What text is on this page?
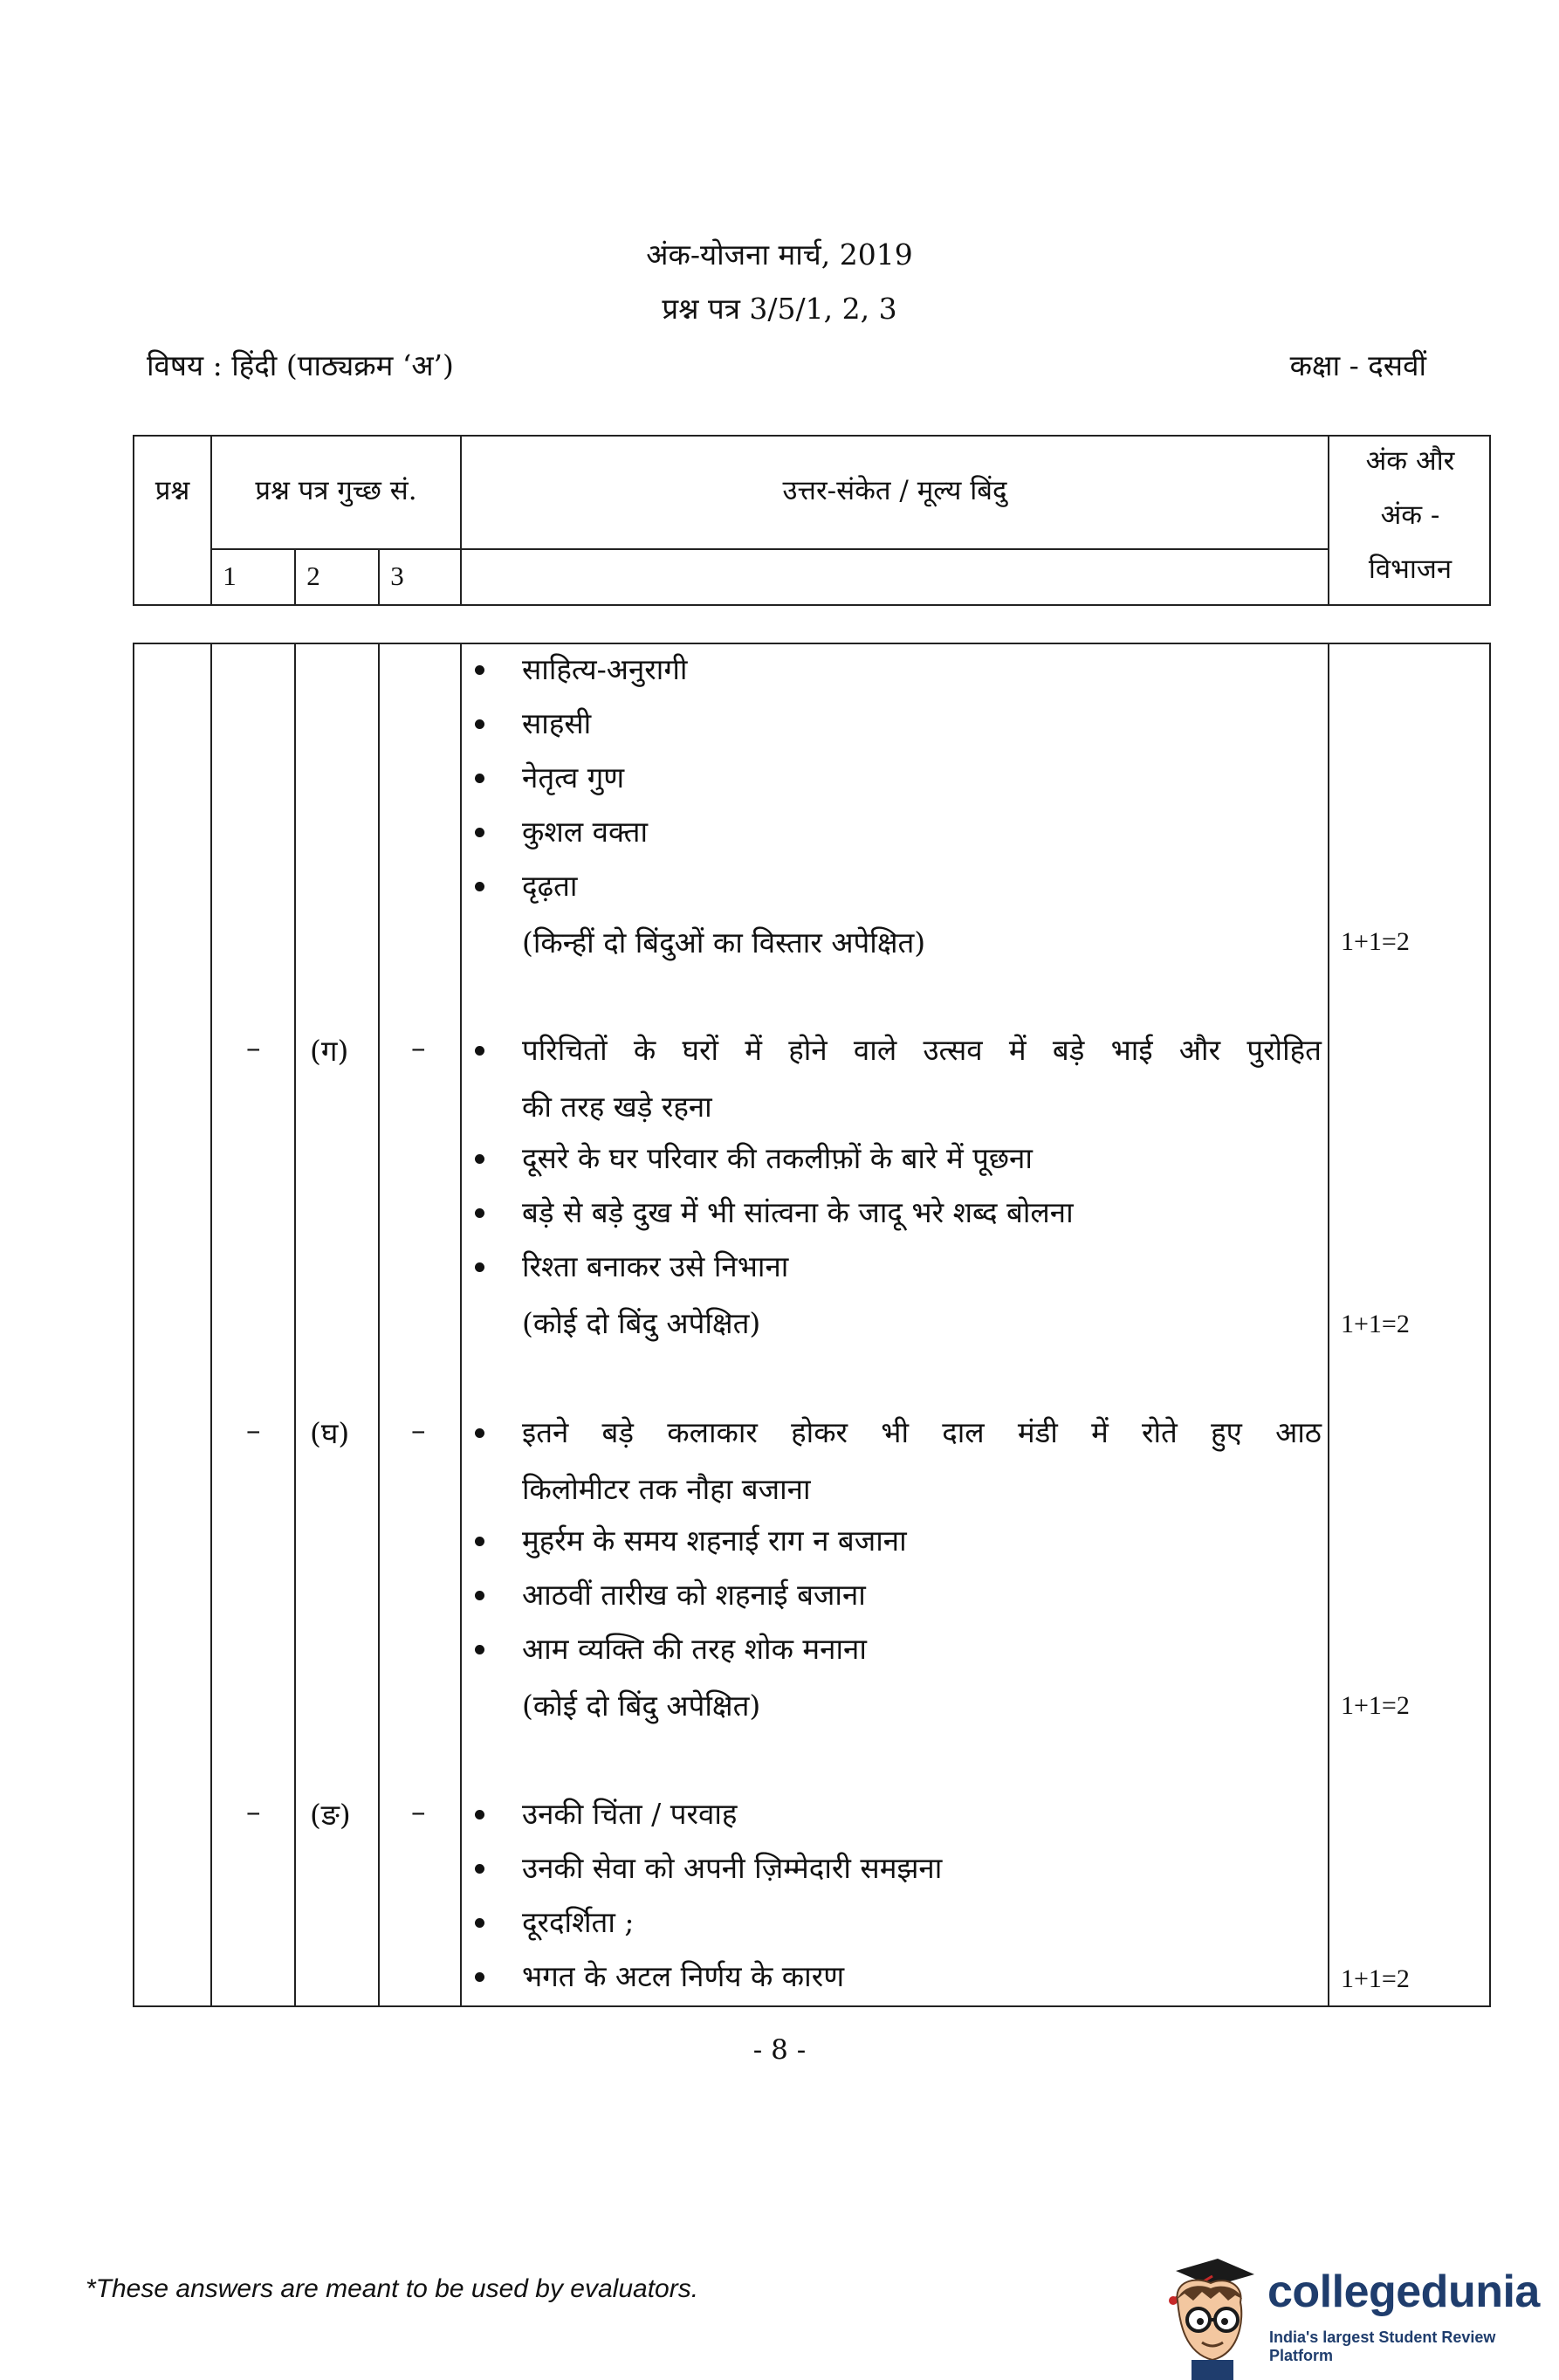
अंक-योजना मार्च, 2019
प्रश्न पत्र 3/5/1, 2, 3
विषय : हिंदी (पाठ्यक्रम ‘अ’)	कक्षा - दसवीं
प्रश्न	प्रश्न पत्र गुच्छ सं.
1	2	3
उत्तर-संकेत / मूल्य बिंदु
अंक और
अंक -
विभाजन
साहित्य-अनुरागी
साहसी
नेतृत्व गुण
कुशल वक्ता
दृढ़ता
(किन्हीं दो बिंदुओं का विस्तार अपेक्षित)	1+1=2
– (ग) –	परिचितों के घरों में होने वाले उत्सव में बड़े भाई और पुरोहित
की तरह खड़े रहना
दूसरे के घर परिवार की तकलीफ़ों के बारे में पूछना
बड़े से बड़े दुख में भी सांत्वना के जादू भरे शब्द बोलना
रिश्ता बनाकर उसे निभाना
(कोई दो बिंदु अपेक्षित)	1+1=2
– (घ) –	इतने बड़े कलाकार होकर भी दाल मंडी में रोते हुए आठ
किलोमीटर तक नौहा बजाना
मुहर्रम के समय शहनाई राग न बजाना
आठवीं तारीख को शहनाई बजाना
आम व्यक्ति की तरह शोक मनाना
(कोई दो बिंदु अपेक्षित)	1+1=2
– (ङ) –	उनकी चिंता / परवाह
उनकी सेवा को अपनी ज़िम्मेदारी समझना
दूरदर्शिता ;
भगत के अटल निर्णय के कारण	1+1=2
- 8 -
*These answers are meant to be used by evaluators.	collegedunia
India's largest Student Review Platform
